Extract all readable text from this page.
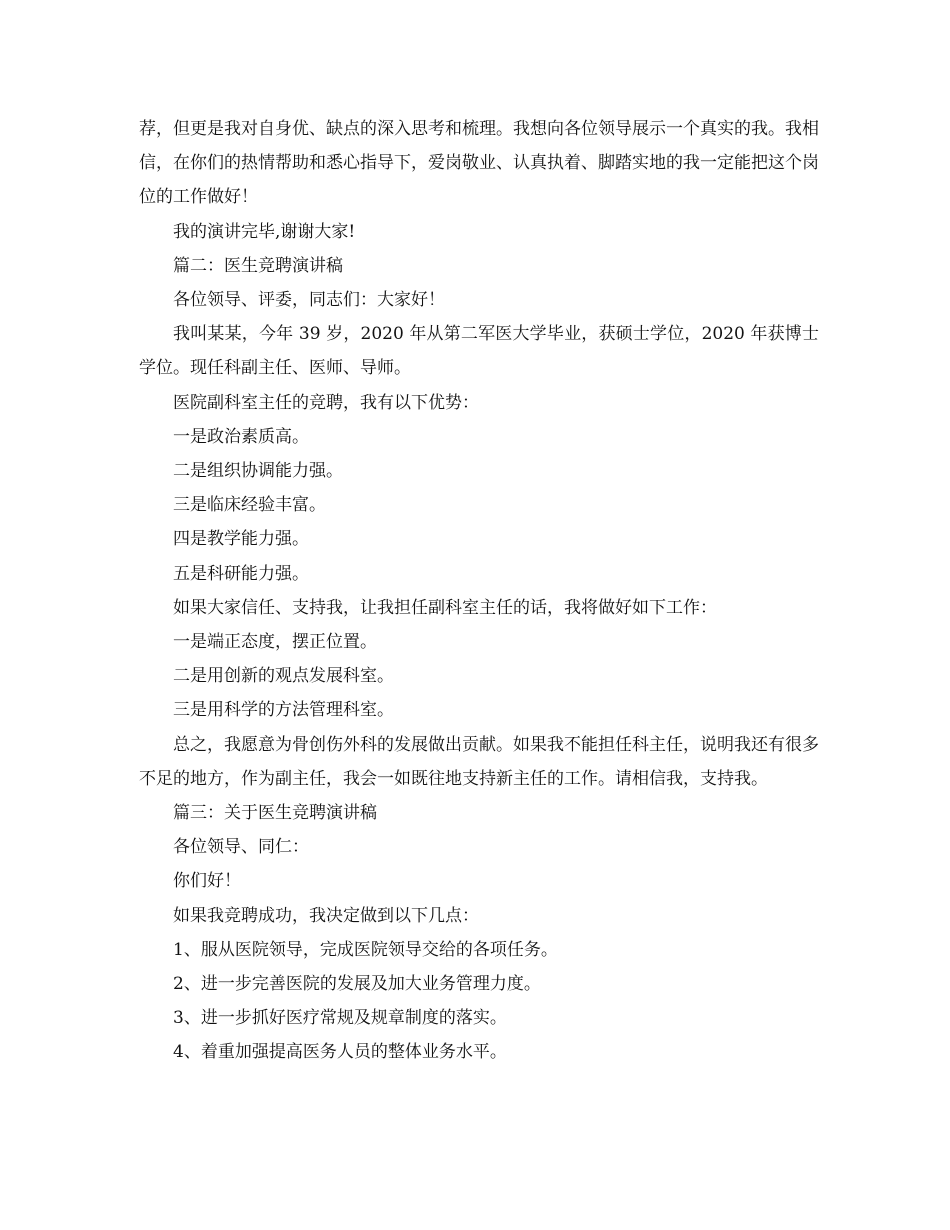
荐，但更是我对自身优、缺点的深入思考和梳理。我想向各位领导展示一个真实的我。我相信，在你们的热情帮助和悉心指导下，爱岗敬业、认真执着、脚踏实地的我一定能把这个岗位的工作做好！

我的演讲完毕,谢谢大家!

篇二：医生竞聘演讲稿

各位领导、评委，同志们：大家好！

我叫某某，今年 39 岁，2020 年从第二军医大学毕业，获硕士学位，2020 年获博士学位。现任科副主任、医师、导师。

医院副科室主任的竞聘，我有以下优势：

一是政治素质高。

二是组织协调能力强。

三是临床经验丰富。

四是教学能力强。

五是科研能力强。

如果大家信任、支持我，让我担任副科室主任的话，我将做好如下工作：

一是端正态度，摆正位置。

二是用创新的观点发展科室。

三是用科学的方法管理科室。

总之，我愿意为骨创伤外科的发展做出贡献。如果我不能担任科主任，说明我还有很多不足的地方，作为副主任，我会一如既往地支持新主任的工作。请相信我，支持我。

篇三：关于医生竞聘演讲稿

各位领导、同仁：

你们好！

如果我竞聘成功，我决定做到以下几点：

1、服从医院领导，完成医院领导交给的各项任务。

2、进一步完善医院的发展及加大业务管理力度。

3、进一步抓好医疗常规及规章制度的落实。

4、着重加强提高医务人员的整体业务水平。
